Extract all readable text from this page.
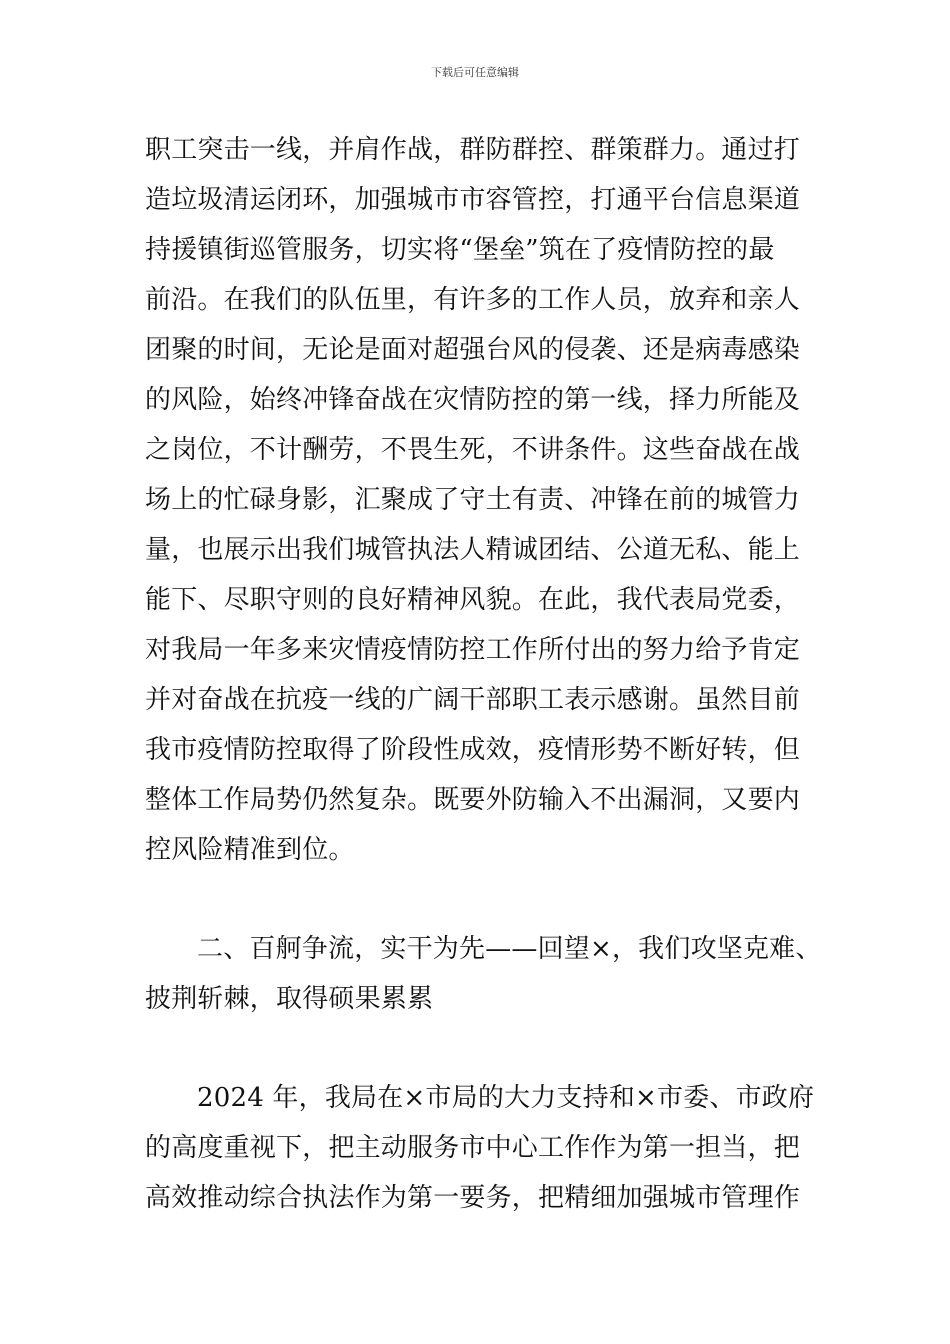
下载后可任意编辑
职工突击一线，并肩作战，群防群控、群策群力。通过打
造垃圾清运闭环，加强城市市容管控，打通平台信息渠道
持援镇街巡管服务，切实将“堡垒”筑在了疫情防控的最
前沿。在我们的队伍里，有许多的工作人员，放弃和亲人
团聚的时间，无论是面对超强台风的侵袭、还是病毒感染
的风险，始终冲锋奋战在灾情防控的第一线，择力所能及
之岗位，不计酬劳，不畏生死，不讲条件。这些奋战在战
场上的忙碌身影，汇聚成了守土有责、冲锋在前的城管力
量，也展示出我们城管执法人精诚团结、公道无私、能上
能下、尽职守则的良好精神风貌。在此，我代表局党委，
对我局一年多来灾情疫情防控工作所付出的努力给予肯定
并对奋战在抗疫一线的广阔干部职工表示感谢。虽然目前
我市疫情防控取得了阶段性成效，疫情形势不断好转，但
整体工作局势仍然复杂。既要外防输入不出漏洞，又要内
控风险精准到位。
二、百舸争流，实干为先——回望×，我们攻坚克难、
披荆斩棘，取得硕果累累
2024 年，我局在×市局的大力支持和×市委、市政府
的高度重视下，把主动服务市中心工作作为第一担当，把
高效推动综合执法作为第一要务，把精细加强城市管理作
